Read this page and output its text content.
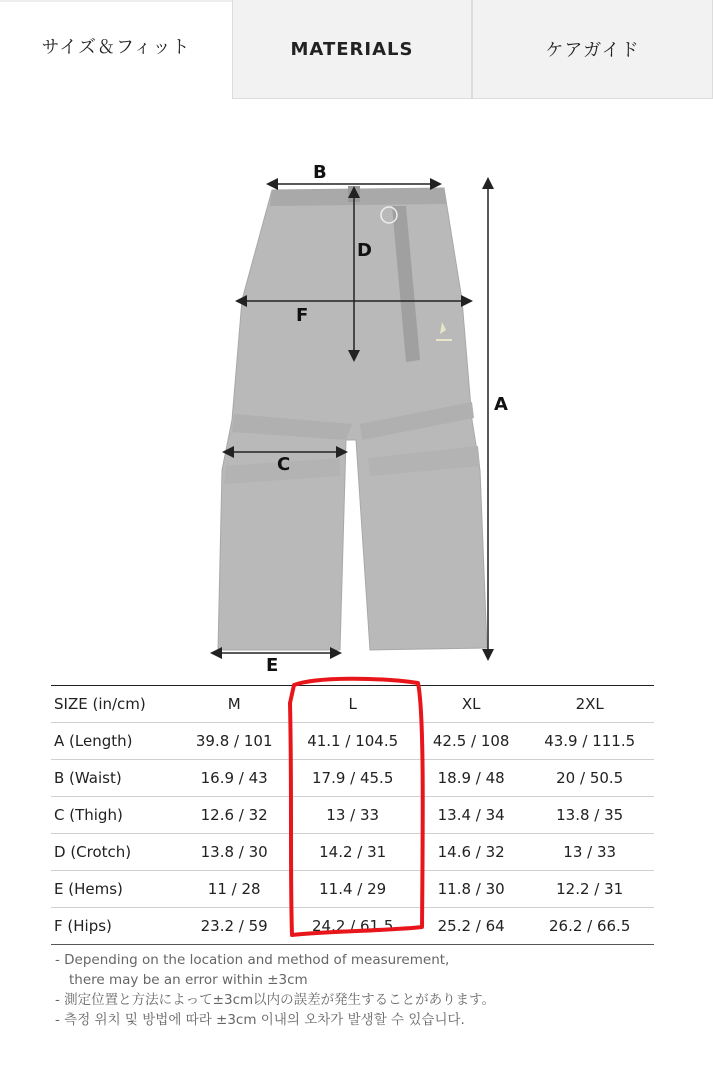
サイズ＆フィット	MATERIALS	ケアガイド
B
D
F
A
C
E
SIZE (in/cm)	M	L	XL	2XL
A (Length)	39.8 / 101	41.1 / 104.5	42.5 / 108	43.9 / 111.5
B (Waist)	16.9 / 43	17.9 / 45.5	18.9 / 48	20 / 50.5
C (Thigh)	12.6 / 32	13 / 33	13.4 / 34	13.8 / 35
D (Crotch)	13.8 / 30	14.2 / 31	14.6 / 32	13 / 33
E (Hems)	11 / 28	11.4 / 29	11.8 / 30	12.2 / 31
F (Hips)	23.2 / 59	24.2 / 61.5	25.2 / 64	26.2 / 66.5
- Depending on the location and method of measurement,
there may be an error within ±3cm
- 測定位置と方法によって±3cm以内の誤差が発生することがあります。
- 측정 위치 및 방법에 따라 ±3cm 이내의 오차가 발생할 수 있습니다.
